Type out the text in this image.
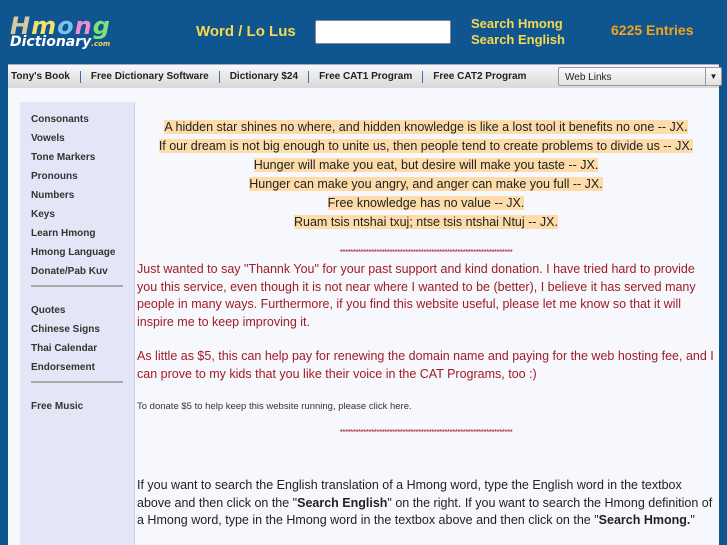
Hmong
Dictionary.com
Word / Lo Lus	Search Hmong
Search English
6225 Entries
Tony's Book	Free Dictionary Software	Dictionary $24	Free CAT1 Program	Free CAT2 Program	Web Links	▼
Consonants
Vowels
Tone Markers
Pronouns
Numbers
Keys
Learn Hmong
Hmong Language
Donate/Pab Kuv
Quotes
Chinese Signs
Thai Calendar
Endorsement
Free Music
A hidden star shines no where, and hidden knowledge is like a lost tool it benefits no one -- JX.
If our dream is not big enough to unite us, then people tend to create problems to divide us -- JX.
Hunger will make you eat, but desire will make you taste -- JX.
Hunger can make you angry, and anger can make you full -- JX.
Free knowledge has no value -- JX.
Ruam tsis ntshai txuj; ntse tsis ntshai Ntuj -- JX.
******************************************************************

Just wanted to say "Thannk You" for your past support and kind donation. I have tried hard to provide you this service, even though it is not near where I wanted to be (better), I believe it has served many people in many ways. Furthermore, if you find this website useful, please let me know so that it will inspire me to keep improving it.

As little as $5, this can help pay for renewing the domain name and paying for the web hosting fee, and I can prove to my kids that you like their voice in the CAT Programs, too :)

To donate $5 to help keep this website running, please click here.

******************************************************************

If you want to search the English translation of a Hmong word, type the English word in the textbox above and then click on the "Search English" on the right. If you want to search the Hmong definition of a Hmong word, type in the Hmong word in the textbox above and then click on the "Search Hmong."
